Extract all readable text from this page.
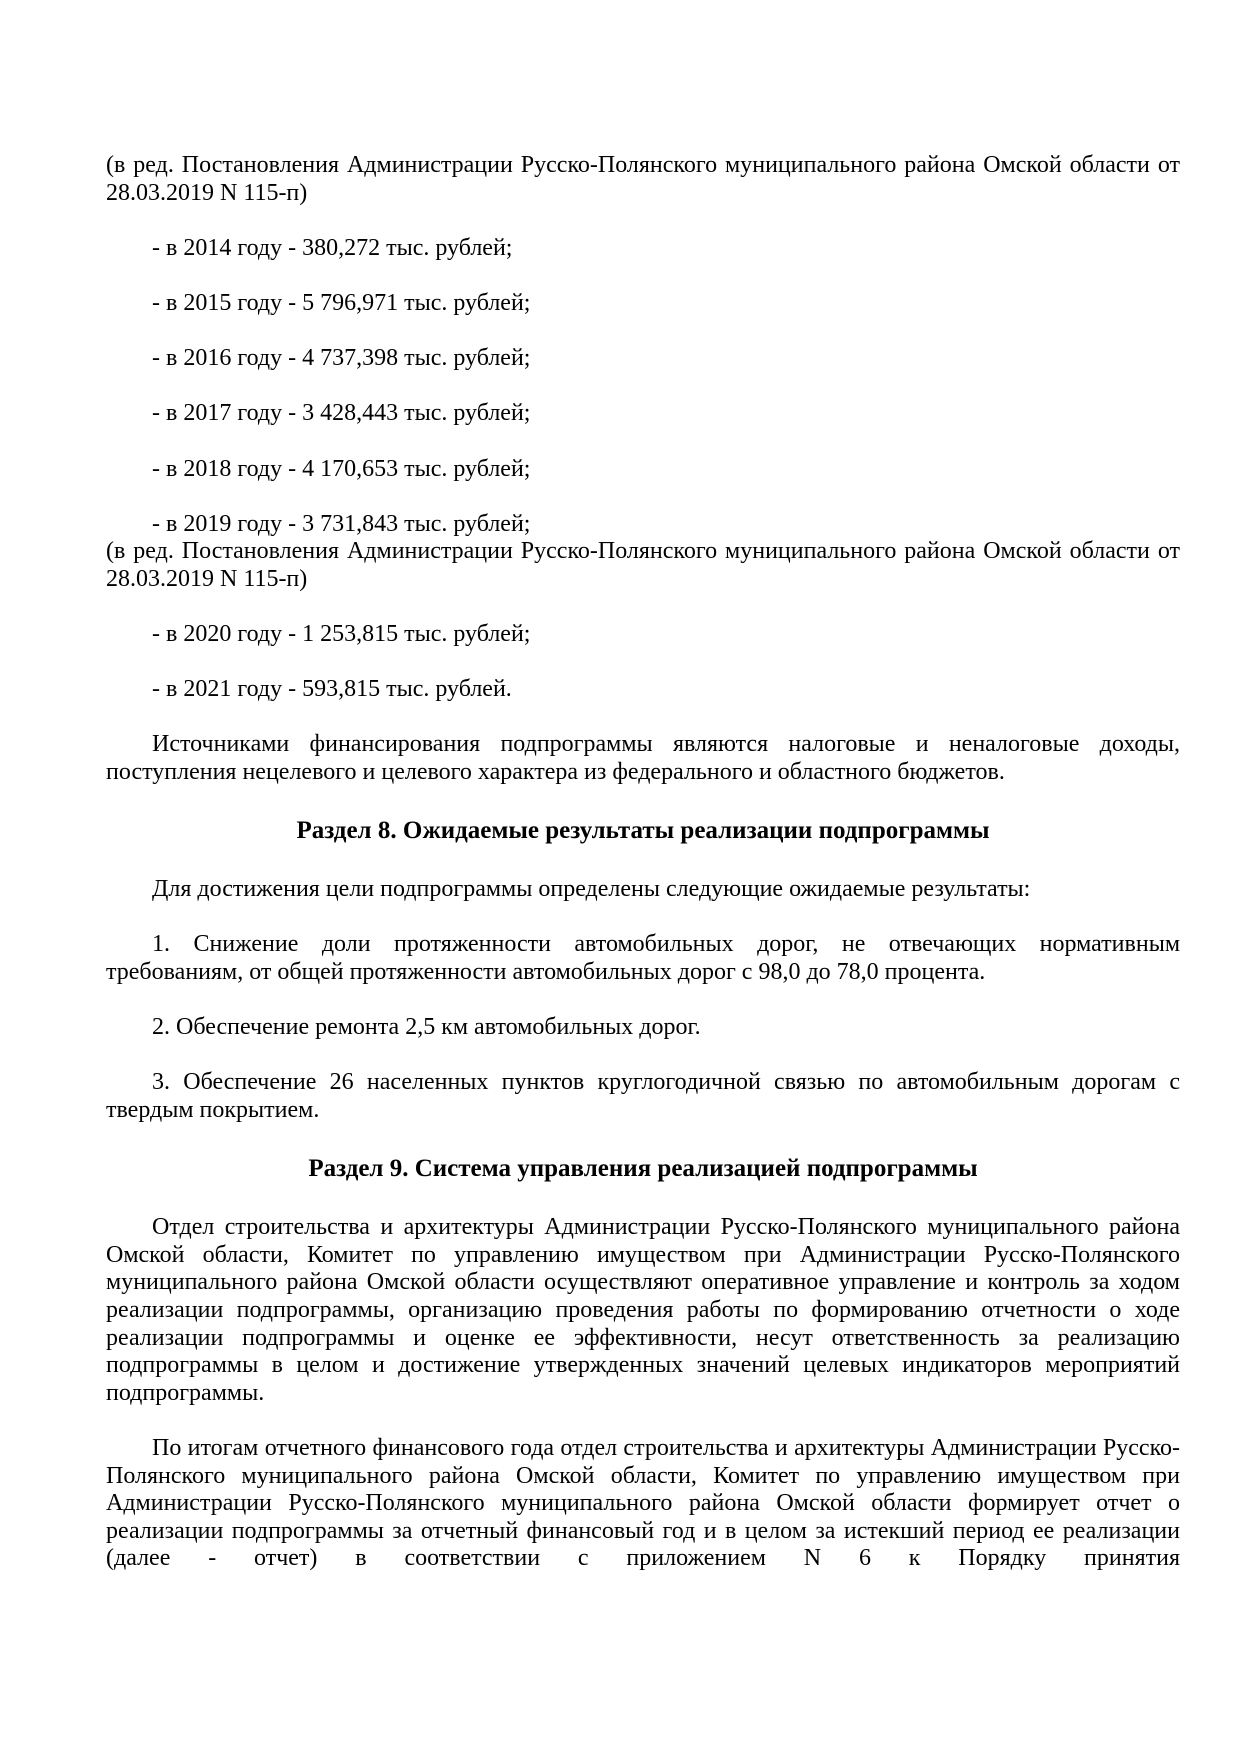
(в ред. Постановления Администрации Русско-Полянского муниципального района Омской области от 28.03.2019 N 115-п)

- в 2014 году - 380,272 тыс. рублей;

- в 2015 году - 5 796,971 тыс. рублей;

- в 2016 году - 4 737,398 тыс. рублей;

- в 2017 году - 3 428,443 тыс. рублей;

- в 2018 году - 4 170,653 тыс. рублей;

- в 2019 году - 3 731,843 тыс. рублей;

(в ред. Постановления Администрации Русско-Полянского муниципального района Омской области от 28.03.2019 N 115-п)

- в 2020 году - 1 253,815 тыс. рублей;

- в 2021 году - 593,815 тыс. рублей.

Источниками финансирования подпрограммы являются налоговые и неналоговые доходы, поступления нецелевого и целевого характера из федерального и областного бюджетов.

Раздел 8. Ожидаемые результаты реализации подпрограммы

Для достижения цели подпрограммы определены следующие ожидаемые результаты:

1. Снижение доли протяженности автомобильных дорог, не отвечающих нормативным требованиям, от общей протяженности автомобильных дорог с 98,0 до 78,0 процента.

2. Обеспечение ремонта 2,5 км автомобильных дорог.

3. Обеспечение 26 населенных пунктов круглогодичной связью по автомобильным дорогам с твердым покрытием.

Раздел 9. Система управления реализацией подпрограммы

Отдел строительства и архитектуры Администрации Русско-Полянского муниципального района Омской области, Комитет по управлению имуществом при Администрации Русско-Полянского муниципального района Омской области осуществляют оперативное управление и контроль за ходом реализации подпрограммы, организацию проведения работы по формированию отчетности о ходе реализации подпрограммы и оценке ее эффективности, несут ответственность за реализацию подпрограммы в целом и достижение утвержденных значений целевых индикаторов мероприятий подпрограммы.

По итогам отчетного финансового года отдел строительства и архитектуры Администрации Русско-Полянского муниципального района Омской области, Комитет по управлению имуществом при Администрации Русско-Полянского муниципального района Омской области формирует отчет о реализации подпрограммы за отчетный финансовый год и в целом за истекший период ее реализации (далее - отчет) в соответствии с приложением N 6 к Порядку принятия
